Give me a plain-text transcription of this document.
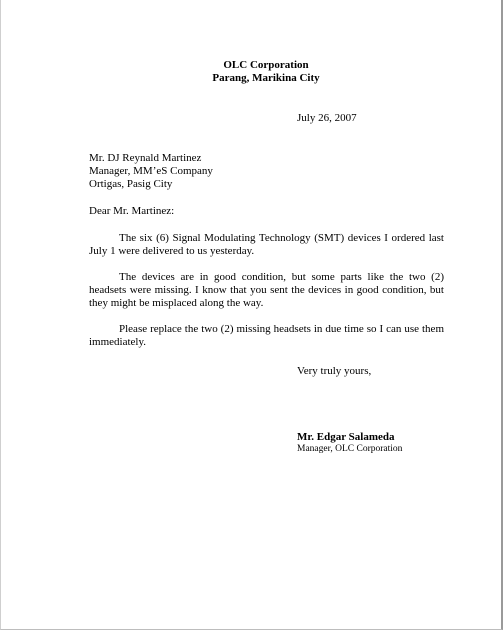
OLC Corporation
Parang, Marikina City
July 26, 2007
Mr. DJ Reynald Martinez
Manager, MM’eS Company
Ortigas, Pasig City
Dear Mr. Martinez:

The six (6) Signal Modulating Technology (SMT) devices I ordered last July 1 were delivered to us yesterday.

The devices are in good condition, but some parts like the two (2) headsets were missing. I know that you sent the devices in good condition, but they might be misplaced along the way.

Please replace the two (2) missing headsets in due time so I can use them immediately.

Very truly yours,
Mr. Edgar Salameda
Manager, OLC Corporation
